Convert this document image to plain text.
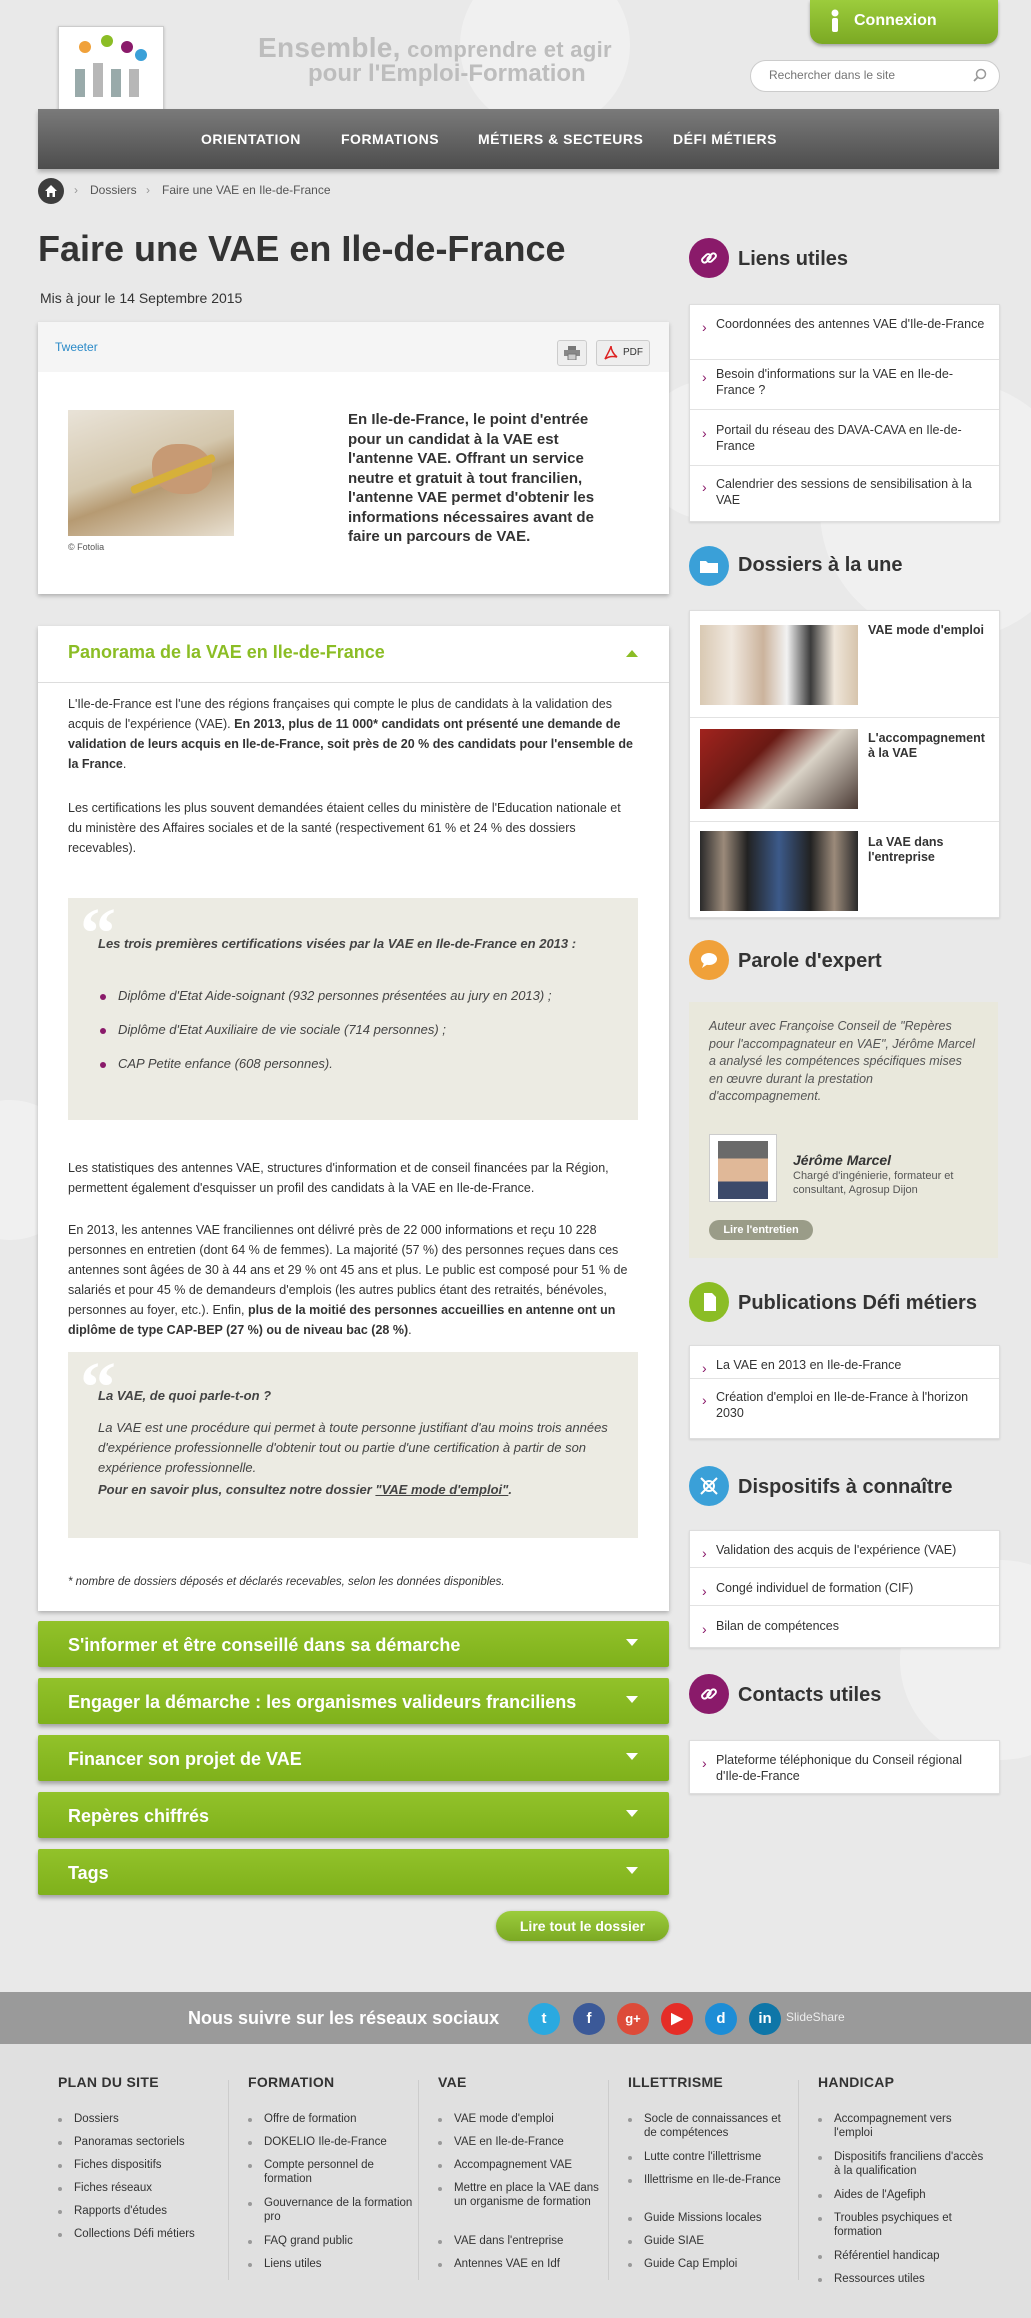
Ensemble, comprendre et agir
pour l'Emploi-Formation
Connexion
Rechercher dans le site
ORIENTATION	FORMATIONS	MÉTIERS & SECTEURS DÉFI MÉTIERS
› Dossiers › Faire une VAE en Ile-de-France
Faire une VAE en Ile-de-France
Mis à jour le 14 Septembre 2015
Tweeter	PDF
© Fotolia
En Ile-de-France, le point d'entrée pour un candidat à la VAE est l'antenne VAE. Offrant un service neutre et gratuit à tout francilien, l'antenne VAE permet d'obtenir les informations nécessaires avant de faire un parcours de VAE.
Panorama de la VAE en Ile-de-France
L'Ile-de-France est l'une des régions françaises qui compte le plus de candidats à la validation des acquis de l'expérience (VAE). En 2013, plus de 11 000* candidats ont présenté une demande de validation de leurs acquis en Ile-de-France, soit près de 20 % des candidats pour l'ensemble de la France.
Les certifications les plus souvent demandées étaient celles du ministère de l'Education nationale et du ministère des Affaires sociales et de la santé (respectivement 61 % et 24 % des dossiers recevables).
“
Les trois premières certifications visées par la VAE en Ile-de-France en 2013 :
Diplôme d'Etat Aide-soignant (932 personnes présentées au jury en 2013) ;
Diplôme d'Etat Auxiliaire de vie sociale (714 personnes) ;
CAP Petite enfance (608 personnes).
Les statistiques des antennes VAE, structures d'information et de conseil financées par la Région, permettent également d'esquisser un profil des candidats à la VAE en Ile-de-France.
En 2013, les antennes VAE franciliennes ont délivré près de 22 000 informations et reçu 10 228 personnes en entretien (dont 64 % de femmes). La majorité (57 %) des personnes reçues dans ces antennes sont âgées de 30 à 44 ans et 29 % ont 45 ans et plus. Le public est composé pour 51 % de salariés et pour 45 % de demandeurs d'emplois (les autres publics étant des retraités, bénévoles, personnes au foyer, etc.). Enfin, plus de la moitié des personnes accueillies en antenne ont un diplôme de type CAP-BEP (27 %) ou de niveau bac (28 %).
“
La VAE, de quoi parle-t-on ?
La VAE est une procédure qui permet à toute personne justifiant d'au moins trois années d'expérience professionnelle d'obtenir tout ou partie d'une certification à partir de son expérience professionnelle.
Pour en savoir plus, consultez notre dossier "VAE mode d'emploi".
* nombre de dossiers déposés et déclarés recevables, selon les données disponibles.
S'informer et être conseillé dans sa démarche
Engager la démarche : les organismes valideurs franciliens
Financer son projet de VAE
Repères chiffrés
Tags
Lire tout le dossier
Liens utiles
› Coordonnées des antennes VAE d'Ile-de-France
› Besoin d'informations sur la VAE en Ile-de-France ?
› Portail du réseau des DAVA-CAVA en Ile-de-France
› Calendrier des sessions de sensibilisation à la VAE
Dossiers à la une
VAE mode d'emploi
L'accompagnement à la VAE
La VAE dans l'entreprise
Parole d'expert
Auteur avec Françoise Conseil de "Repères pour l'accompagnateur en VAE", Jérôme Marcel a analysé les compétences spécifiques mises en œuvre durant la prestation d'accompagnement.
Jérôme Marcel
Chargé d'ingénierie, formateur et consultant, Agrosup Dijon
Lire l'entretien
Publications Défi métiers
› La VAE en 2013 en Ile-de-France
› Création d'emploi en Ile-de-France à l'horizon 2030
Dispositifs à connaître
› Validation des acquis de l'expérience (VAE)
› Congé individuel de formation (CIF)
› Bilan de compétences
Contacts utiles
› Plateforme téléphonique du Conseil régional d'Ile-de-France
Nous suivre sur les réseaux sociaux	t	f	g+	▶	d	in	SlideShare
PLAN DU SITE
Dossiers
Panoramas sectoriels
Fiches dispositifs
Fiches réseaux
Rapports d'études
Collections Défi métiers
FORMATION
Offre de formation
DOKELIO Ile-de-France
Compte personnel de formation
Gouvernance de la formation pro
FAQ grand public
Liens utiles
VAE
VAE mode d'emploi
VAE en Ile-de-France
Accompagnement VAE
Mettre en place la VAE dans un organisme de formation
VAE dans l'entreprise
Antennes VAE en Idf
ILLETTRISME
Socle de connaissances et de compétences
Lutte contre l'illettrisme
Illettrisme en Ile-de-France
Guide Missions locales
Guide SIAE
Guide Cap Emploi
HANDICAP
Accompagnement vers l'emploi
Dispositifs franciliens d'accès à la qualification
Aides de l'Agefiph
Troubles psychiques et formation
Référentiel handicap
Ressources utiles
